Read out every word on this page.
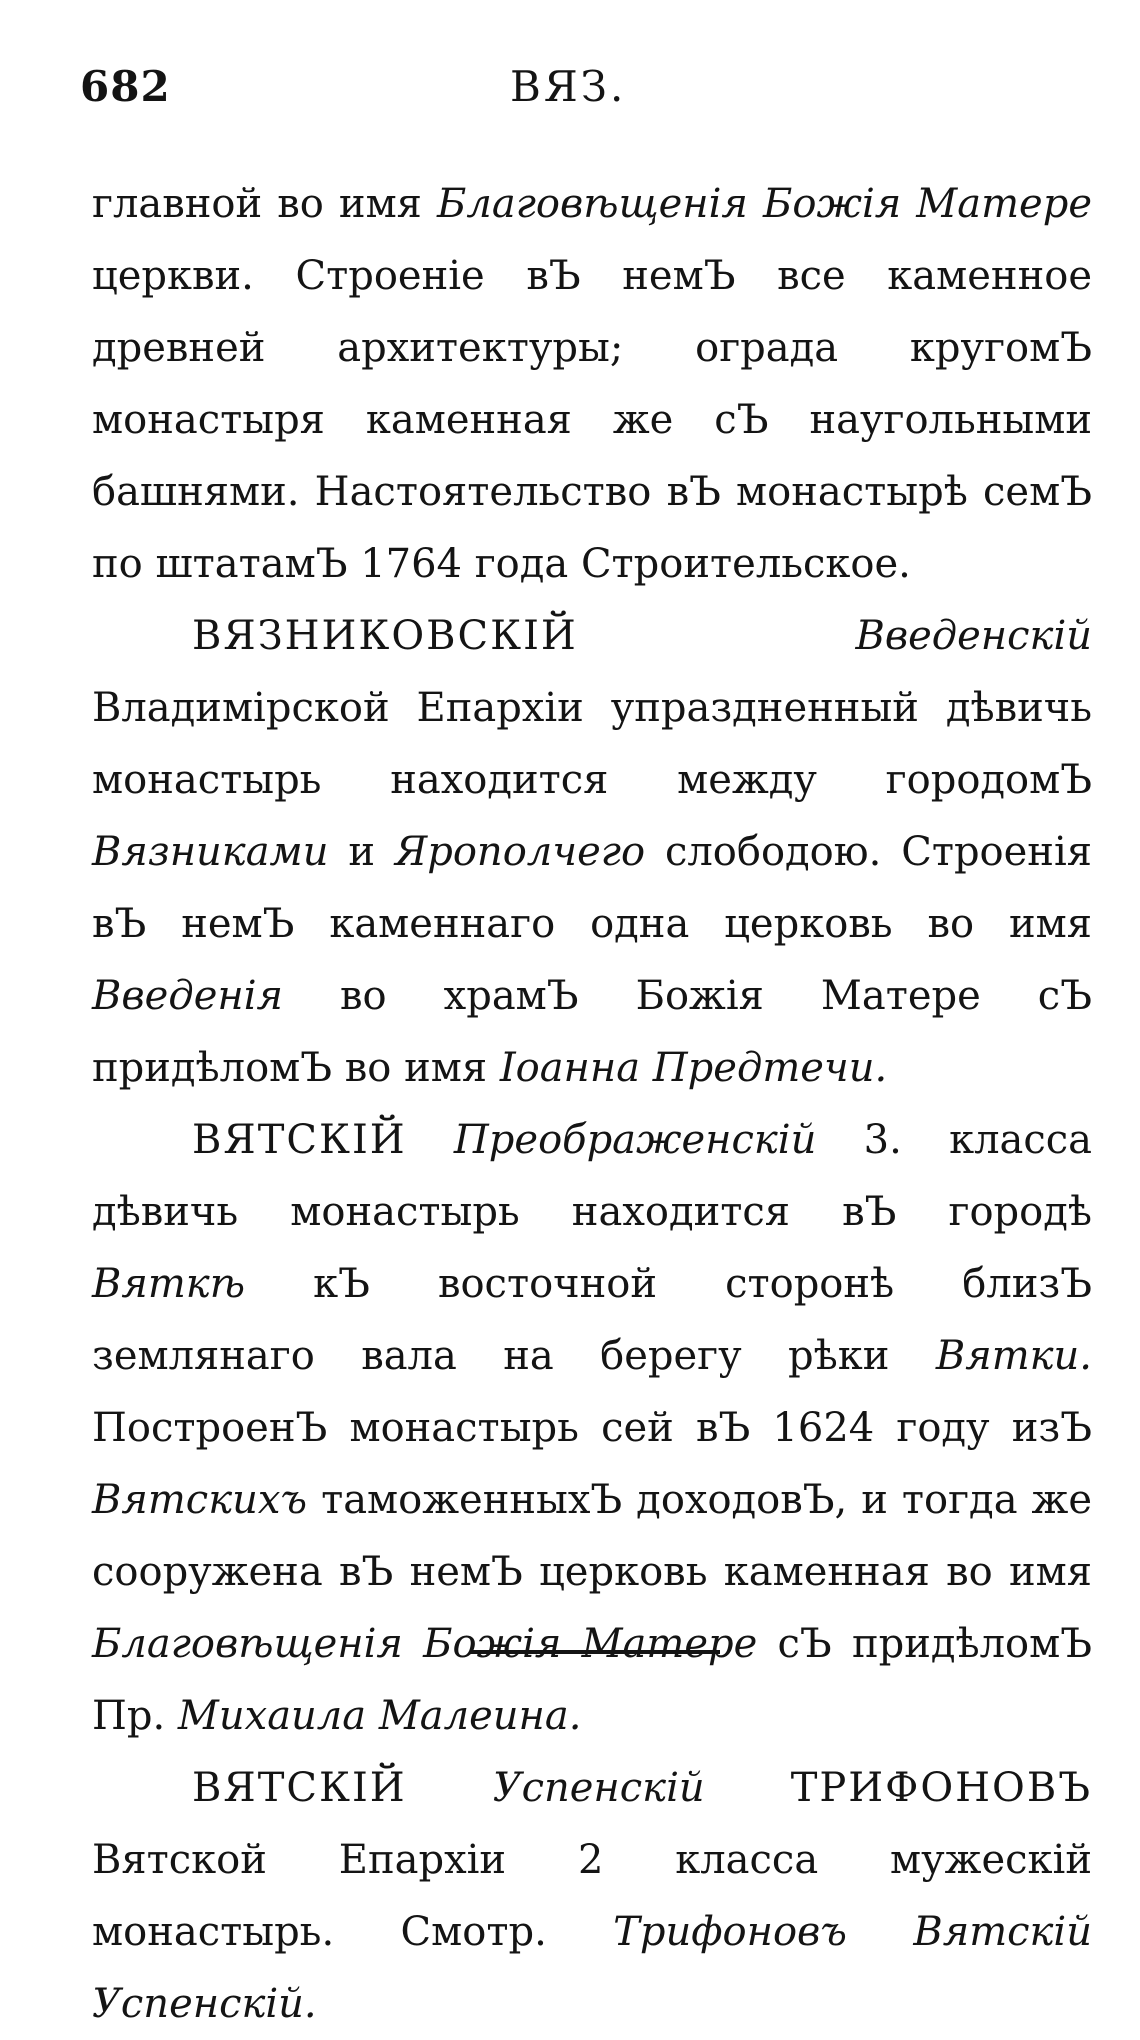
682	ВЯЗ.

главной во имя Благовѣщенія Божія Матере церкви. Строеніе вЪ немЪ все каменное древней архитектуры; ограда кругомЪ монастыря каменная же сЪ наугольными башнями. Настоятельство вЪ монастырѣ семЪ по штатамЪ 1764 года Строительское.

ВЯЗНИКОВСКІЙ	Введенскій Владимірской Епархіи упраздненный дѣвичь монастырь находится между городомЪ Вязниками и Ярополчего слободою. Строенія вЪ немЪ каменнаго одна церковь во имя Введенія во храмЪ Божія Матере сЪ придѣломЪ во имя Іоанна Предтечи.

ВЯТСКІЙ Преображенскій 3. класса дѣвичь монастырь находится вЪ городѣ Вяткѣ кЪ восточной сторонѣ близЪ землянаго вала на берегу рѣки Вятки. ПостроенЪ монастырь сей вЪ 1624 году изЪ Вятскихъ таможенныхЪ доходовЪ, и тогда же сооружена вЪ немЪ церковь каменная во имя Благовѣщенія Божія Матере сЪ придѣломЪ Пр. Михаила Малеина.

ВЯТСКІЙ Успенскій ТРИФОНОВЪ Вятской Епархіи 2 класса мужескій монастырь. Смотр. Трифоновъ Вятскій Успенскій.
